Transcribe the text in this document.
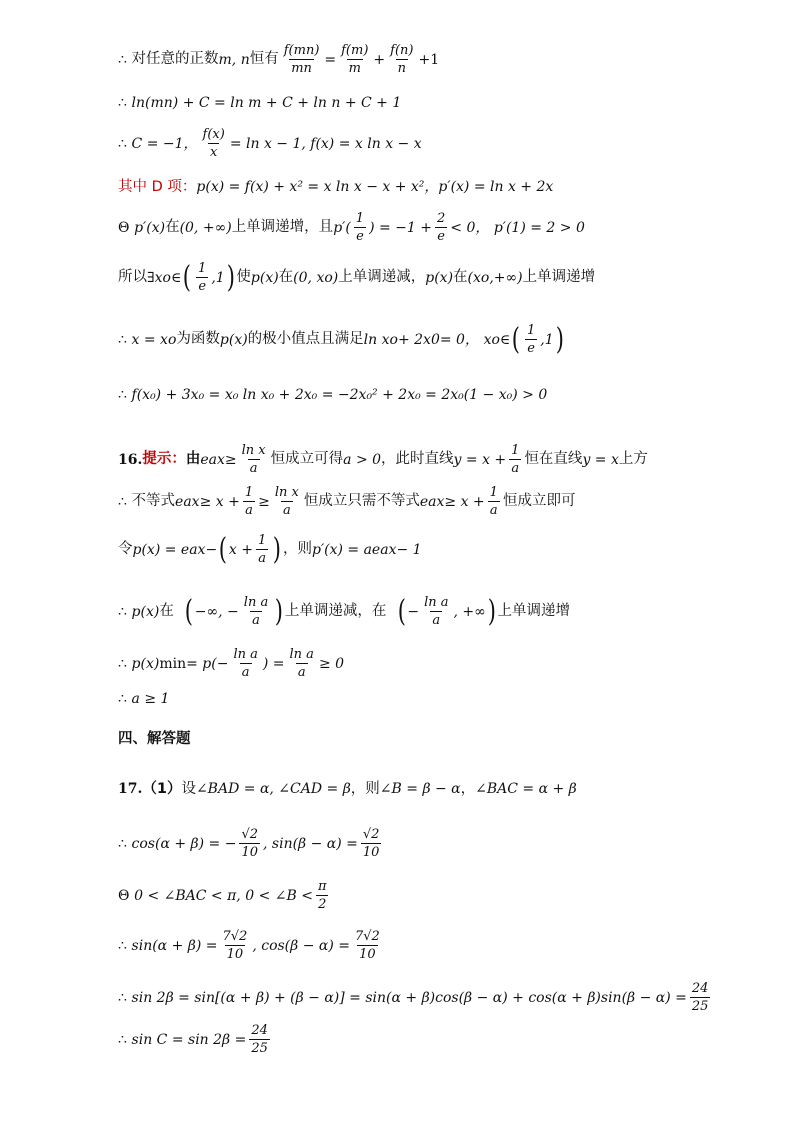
∴
对任意的正数 m, n 恒有 $\frac{f(mn)}{mn} = \frac{f(m)}{m} + \frac{f(n)}{n} +1$
∴
ln(mn) + C = ln m + C + ln n + C + 1
∴
C = −1， $\frac{f(x)}{x} = \ln x - 1$, f(x) = x ln x − x
其中 D 项： p(x) = f(x) + x² = x ln x − x + x²，p′(x) = ln x + 2x
Θ
p′(x) 在 (0, +∞) 上单调递增，且 $p'( \frac{1}{e}$ ) = $-1 + \frac{2}{e} < 0$， p′(1) = 2 > 0
所以 ∃x o ∈ ( $\frac{1}{e} ,1$ ) 使 p(x) 在 (0, x o ) 上单调递减， p(x) 在 (x o ,+∞) 上单调递增
∴
x = x o 为函数 p(x) 的极小值点且满足 ln x o + 2x 0 = 0，
x o ∈ ( $\frac{1}{e} ,1$ )
∴
f(x₀) + 3x₀ = x₀ ln x₀ + 2x₀ = −2x₀² + 2x₀ = 2x₀(1 − x₀) > 0
16. 提示： 由 e ax ≥ $\frac{\text{ln x}}{a}$ 恒成立可得 a > 0 ，此时直线 $y = x + \frac{1}{a}$ 恒在直线 y = x 上方
∴
不等式 e ax ≥ $x + \frac{1}{a} \ge \frac{\text{ln x}}{a}$ 恒成立只需不等式 e ax ≥ $x + \frac{1}{a}$ 恒成立即可
令 p(x) = e ax − ( $x + \frac{1}{a}$ ) ，则 p′(x) = ae ax − 1
∴
p(x) 在
( −∞, − $\frac{\text{ln a}}{a}$ ) 上单调递减，在
( − $\frac{\text{ln a}}{a}$ , +∞ ) 上单调递增
∴
p(x) $\min = p(- \frac{\text{ln a}}{a}$ ) = $\frac{\text{ln a}}{a} \ge 0$
∴
a ≥ 1
四、解答题
17. （1） 设 ∠BAD = α, ∠CAD = β ，则 ∠B = β − α ， ∠BAC = α + β
∴
cos(α + β) = − $\frac{√2}{10}$ , $\sin(\beta - \alpha) = \frac{√2}{10}$
Θ
0 < ∠BAC < π, 0 < ∠B < $\frac{\pi}{2}$
∴
$\sin(\alpha + \beta) = \frac{7√2}{10}$ , $\cos(\beta - \alpha) = \frac{7√2}{10}$
∴
$\sin 2\beta = \sin[(\alpha + \beta) + (\beta - \alpha)] = \sin(\alpha + \beta)\cos(\beta - \alpha) + \cos(\alpha + \beta)\sin(\beta - \alpha) = \frac{24}{25}$
∴
$\sin C = \sin 2\beta = \frac{24}{25}$
